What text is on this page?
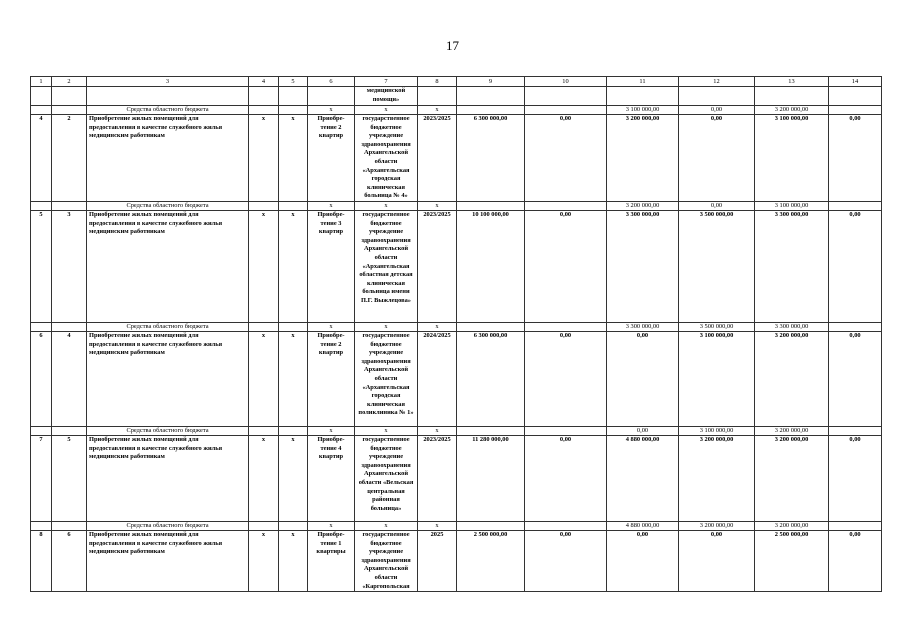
17
1	2	3	4	5	6	7	8	9	10	11	12	13	14
						медицинской помощи»							
		Средства областного бюджета			x	x	x			3 100 000,00	0,00	3 200 000,00	
4	2	Приобретение жилых помещений для предоставления в качестве служебного жилья медицинским работникам	x	x	Приобре-тение 2 квартир	государственное бюджетное учреждение здравоохранения Архангельской области «Архангельская городская клиническая больница № 4»	2023/2025	6 300 000,00	0,00	3 200 000,00	0,00	3 100 000,00	0,00
		Средства областного бюджета			x	x	x			3 200 000,00	0,00	3 100 000,00	
5	3	Приобретение жилых помещений для предоставления в качестве служебного жилья медицинским работникам	x	x	Приобре-тение 3 квартир	государственное бюджетное учреждение здравоохранения Архангельской области «Архангельская областная детская клиническая больница имени П.Г. Выжлецова»	2023/2025	10 100 000,00	0,00	3 300 000,00	3 500 000,00	3 300 000,00	0,00
		Средства областного бюджета			x	x	x			3 300 000,00	3 500 000,00	3 300 000,00	
6	4	Приобретение жилых помещений для предоставления в качестве служебного жилья медицинским работникам	x	x	Приобре-тение 2 квартир	государственное бюджетное учреждение здравоохранения Архангельской области «Архангельская городская клиническая поликлиника № 1»	2024/2025	6 300 000,00	0,00	0,00	3 100 000,00	3 200 000,00	0,00
		Средства областного бюджета			x	x	x			0,00	3 100 000,00	3 200 000,00	
7	5	Приобретение жилых помещений для предоставления в качестве служебного жилья медицинским работникам	x	x	Приобре-тение 4 квартир	государственное бюджетное учреждение здравоохранения Архангельской области «Вельская центральная районная больница»	2023/2025	11 280 000,00	0,00	4 880 000,00	3 200 000,00	3 200 000,00	0,00
		Средства областного бюджета			x	x	x			4 880 000,00	3 200 000,00	3 200 000,00	
8	6	Приобретение жилых помещений для предоставления в качестве служебного жилья медицинским работникам	x	x	Приобре-тение 1 квартиры	государственное бюджетное учреждение здравоохранения Архангельской области «Каргопольская	2025	2 500 000,00	0,00	0,00	0,00	2 500 000,00	0,00
